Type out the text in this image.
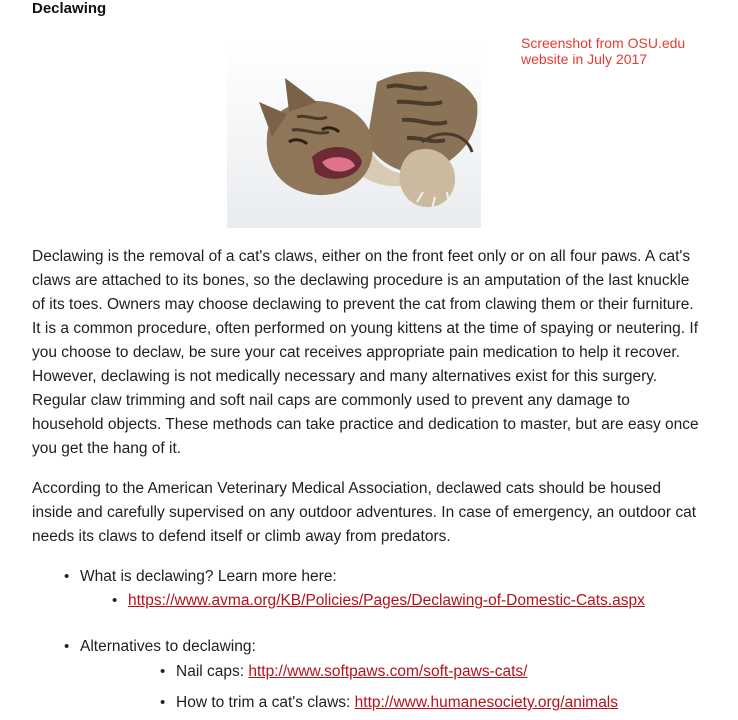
Declawing
Screenshot from OSU.edu
website in July 2017

Declawing is the removal of a cat's claws, either on the front feet only or on all four paws. A cat's claws are attached to its bones, so the declawing procedure is an amputation of the last knuckle of its toes. Owners may choose declawing to prevent the cat from clawing them or their furniture. It is a common procedure, often performed on young kittens at the time of spaying or neutering. If you choose to declaw, be sure your cat receives appropriate pain medication to help it recover. However, declawing is not medically necessary and many alternatives exist for this surgery. Regular claw trimming and soft nail caps are commonly used to prevent any damage to household objects. These methods can take practice and dedication to master, but are easy once you get the hang of it.

According to the American Veterinary Medical Association, declawed cats should be housed inside and carefully supervised on any outdoor adventures. In case of emergency, an outdoor cat needs its claws to defend itself or climb away from predators.

• What is declawing? Learn more here:
• https://www.avma.org/KB/Policies/Pages/Declawing-of-Domestic-Cats.aspx
• Alternatives to declawing:
• Nail caps: http://www.softpaws.com/soft-paws-cats/
• How to trim a cat's claws: http://www.humanesociety.org/animals
